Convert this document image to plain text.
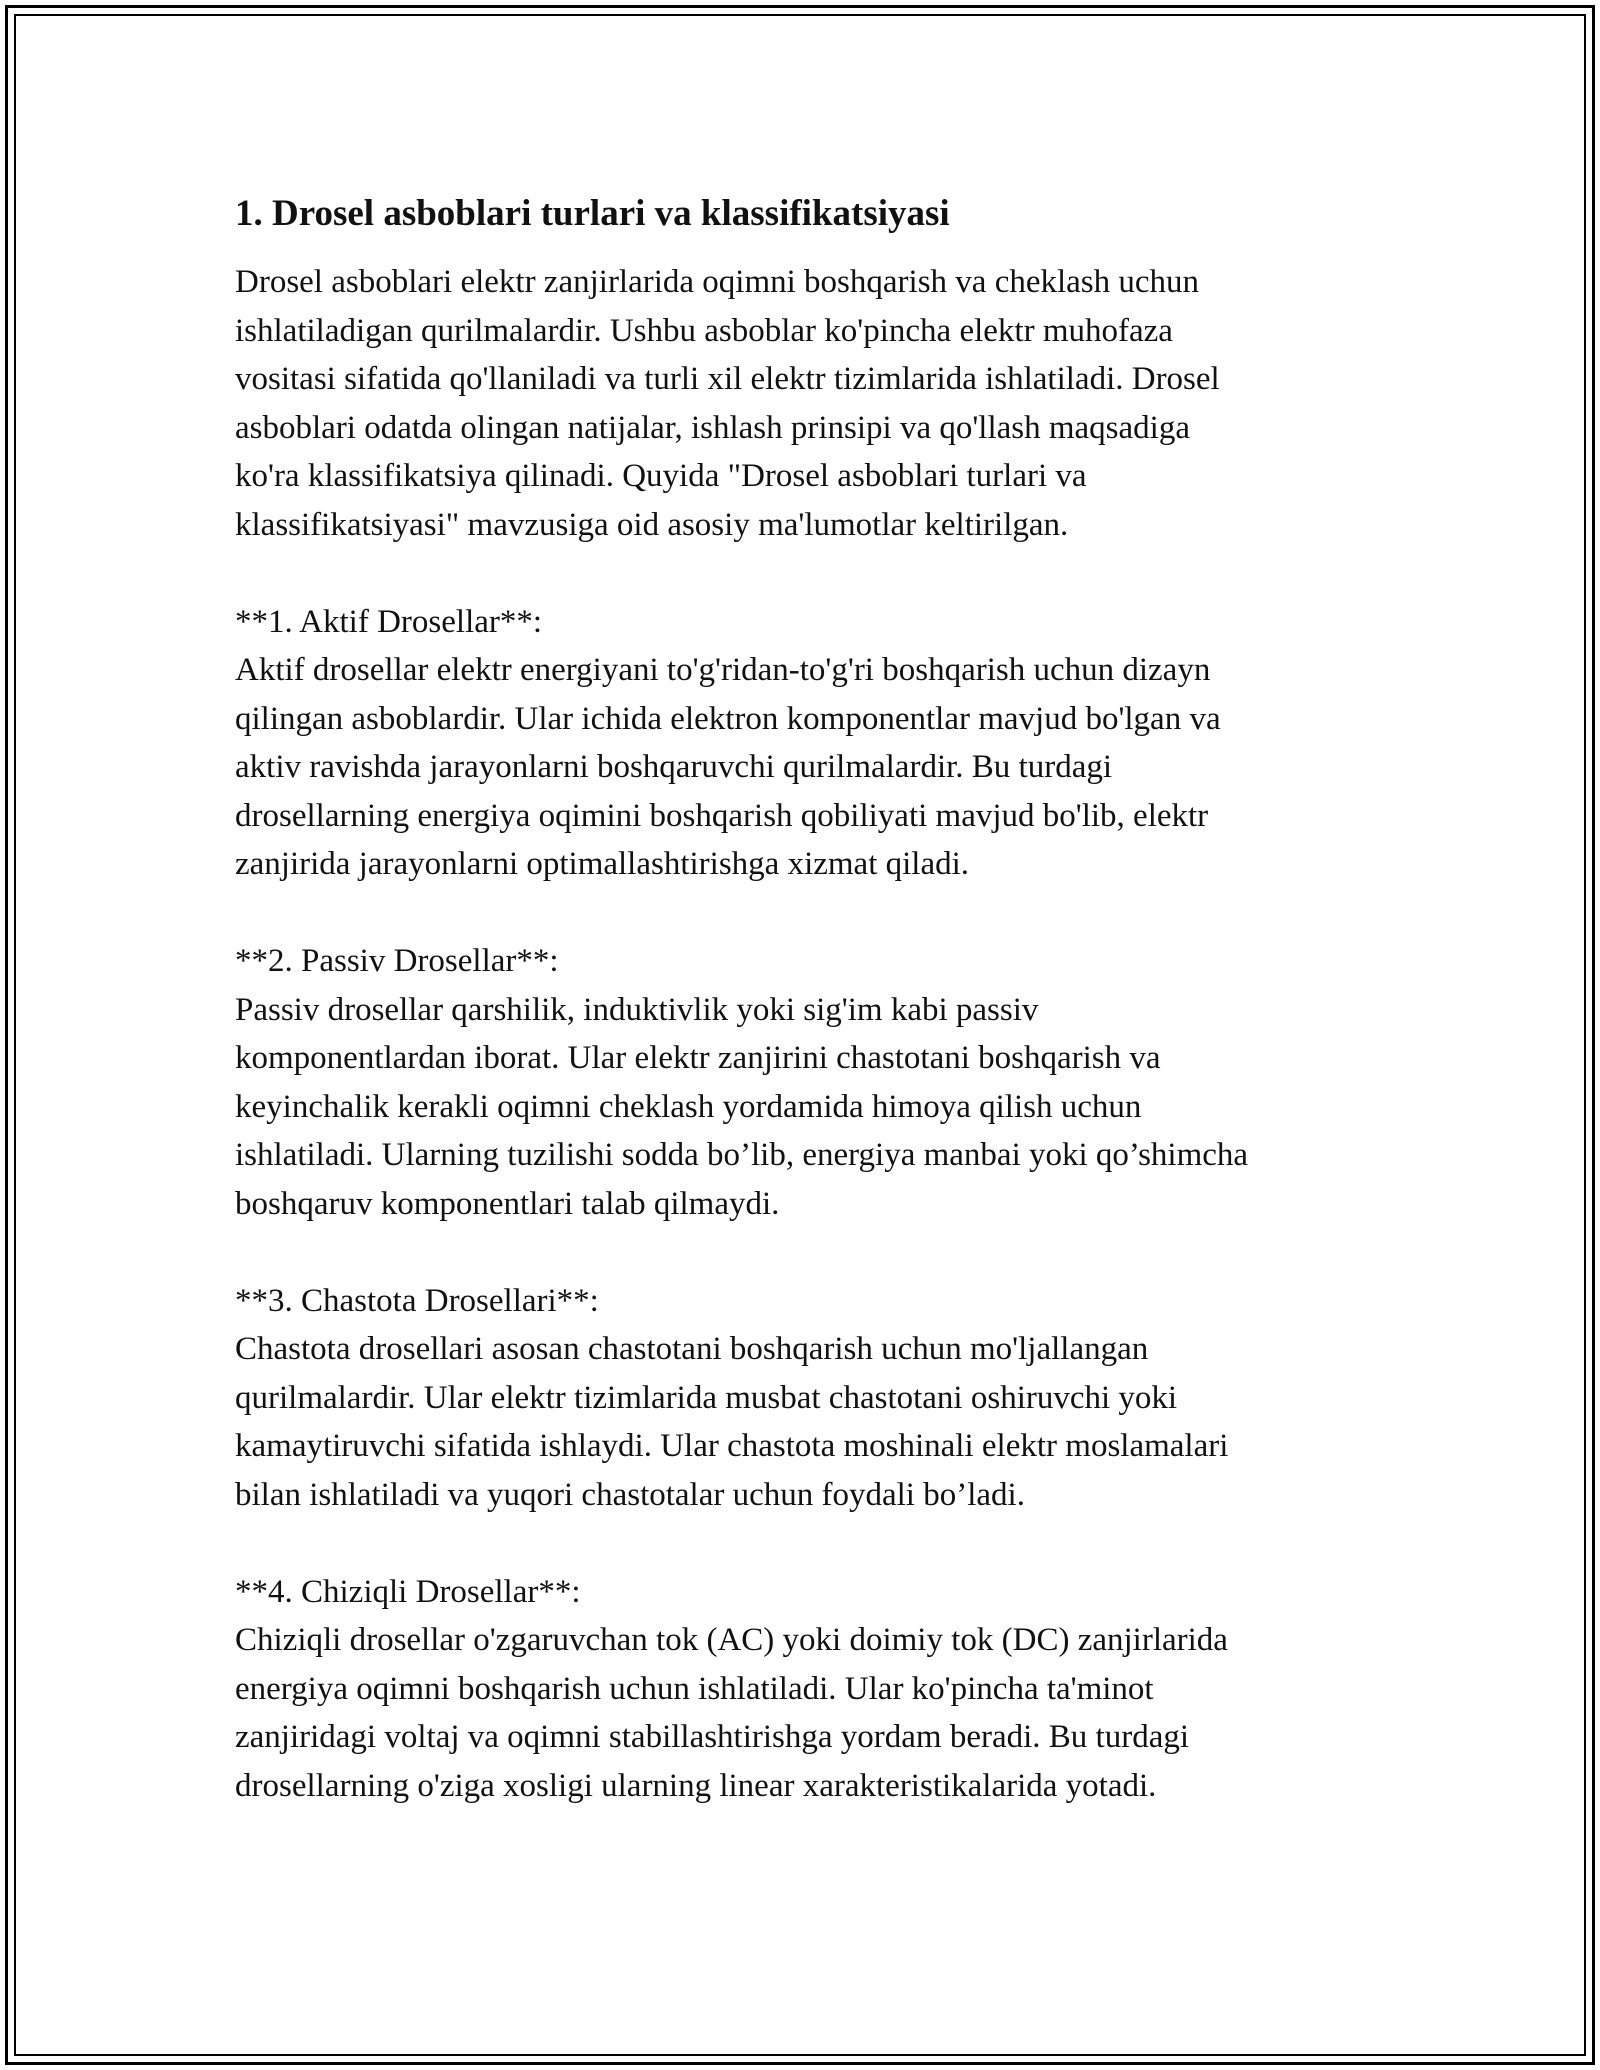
1. Drosel asboblari turlari va klassifikatsiyasi

Drosel asboblari elektr zanjirlarida oqimni boshqarish va cheklash uchun
ishlatiladigan qurilmalardir. Ushbu asboblar ko'pincha elektr muhofaza
vositasi sifatida qo'llaniladi va turli xil elektr tizimlarida ishlatiladi. Drosel
asboblari odatda olingan natijalar, ishlash prinsipi va qo'llash maqsadiga
ko'ra klassifikatsiya qilinadi. Quyida "Drosel asboblari turlari va
klassifikatsiyasi" mavzusiga oid asosiy ma'lumotlar keltirilgan.

**1. Aktif Drosellar**:

Aktif drosellar elektr energiyani to'g'ridan-to'g'ri boshqarish uchun dizayn
qilingan asboblardir. Ular ichida elektron komponentlar mavjud bo'lgan va
aktiv ravishda jarayonlarni boshqaruvchi qurilmalardir. Bu turdagi
drosellarning energiya oqimini boshqarish qobiliyati mavjud bo'lib, elektr
zanjirida jarayonlarni optimallashtirishga xizmat qiladi.

**2. Passiv Drosellar**:

Passiv drosellar qarshilik, induktivlik yoki sig'im kabi passiv
komponentlardan iborat. Ular elektr zanjirini chastotani boshqarish va
keyinchalik kerakli oqimni cheklash yordamida himoya qilish uchun
ishlatiladi. Ularning tuzilishi sodda bo’lib, energiya manbai yoki qo’shimcha
boshqaruv komponentlari talab qilmaydi.

**3. Chastota Drosellari**:

Chastota drosellari asosan chastotani boshqarish uchun mo'ljallangan
qurilmalardir. Ular elektr tizimlarida musbat chastotani oshiruvchi yoki
kamaytiruvchi sifatida ishlaydi. Ular chastota moshinali elektr moslamalari
bilan ishlatiladi va yuqori chastotalar uchun foydali bo’ladi.

**4. Chiziqli Drosellar**:

Chiziqli drosellar o'zgaruvchan tok (AC) yoki doimiy tok (DC) zanjirlarida
energiya oqimni boshqarish uchun ishlatiladi. Ular ko'pincha ta'minot
zanjiridagi voltaj va oqimni stabillashtirishga yordam beradi. Bu turdagi
drosellarning o'ziga xosligi ularning linear xarakteristikalarida yotadi.
